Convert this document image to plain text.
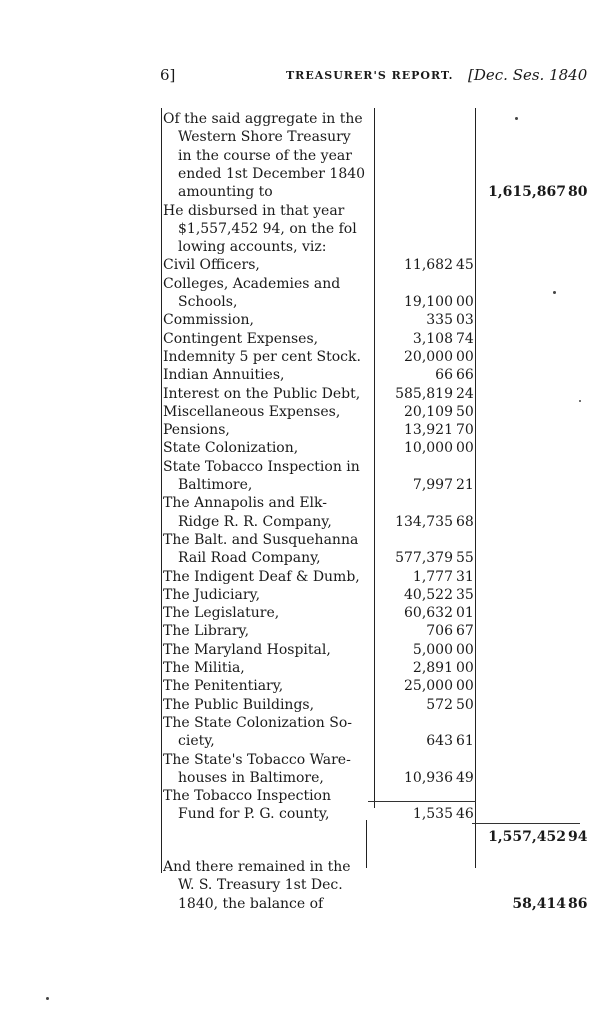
6]	TREASURER'S REPORT. [Dec. Ses. 1840
Of the said aggregate in the
Western Shore Treasury
in the course of the year
ended 1st December 1840
amounting to	1,615,867 80
He disbursed in that year
$1,557,452 94, on the fol
lowing accounts, viz:
Civil Officers,	11,682 45
Colleges, Academies and
Schools,	19,100 00
Commission,	335 03
Contingent Expenses,	3,108 74
Indemnity 5 per cent Stock.	20,000 00
Indian Annuities,	66 66
Interest on the Public Debt,	585,819 24
Miscellaneous Expenses,	20,109 50
Pensions,	13,921 70
State Colonization,	10,000 00
State Tobacco Inspection in
Baltimore,	7,997 21
The Annapolis and Elk-
Ridge R. R. Company,	134,735 68
The Balt. and Susquehanna
Rail Road Company,	577,379 55
The Indigent Deaf & Dumb,	1,777 31
The Judiciary,	40,522 35
The Legislature,	60,632 01
The Library,	706 67
The Maryland Hospital,	5,000 00
The Militia,	2,891 00
The Penitentiary,	25,000 00
The Public Buildings,	572 50
The State Colonization So-
ciety,	643 61
The State's Tobacco Ware-
houses in Baltimore,	10,936 49
The Tobacco Inspection
Fund for P. G. county,	1,535 46
1,557,452 94
And there remained in the
W. S. Treasury 1st Dec.
1840, the balance of	58,414 86
